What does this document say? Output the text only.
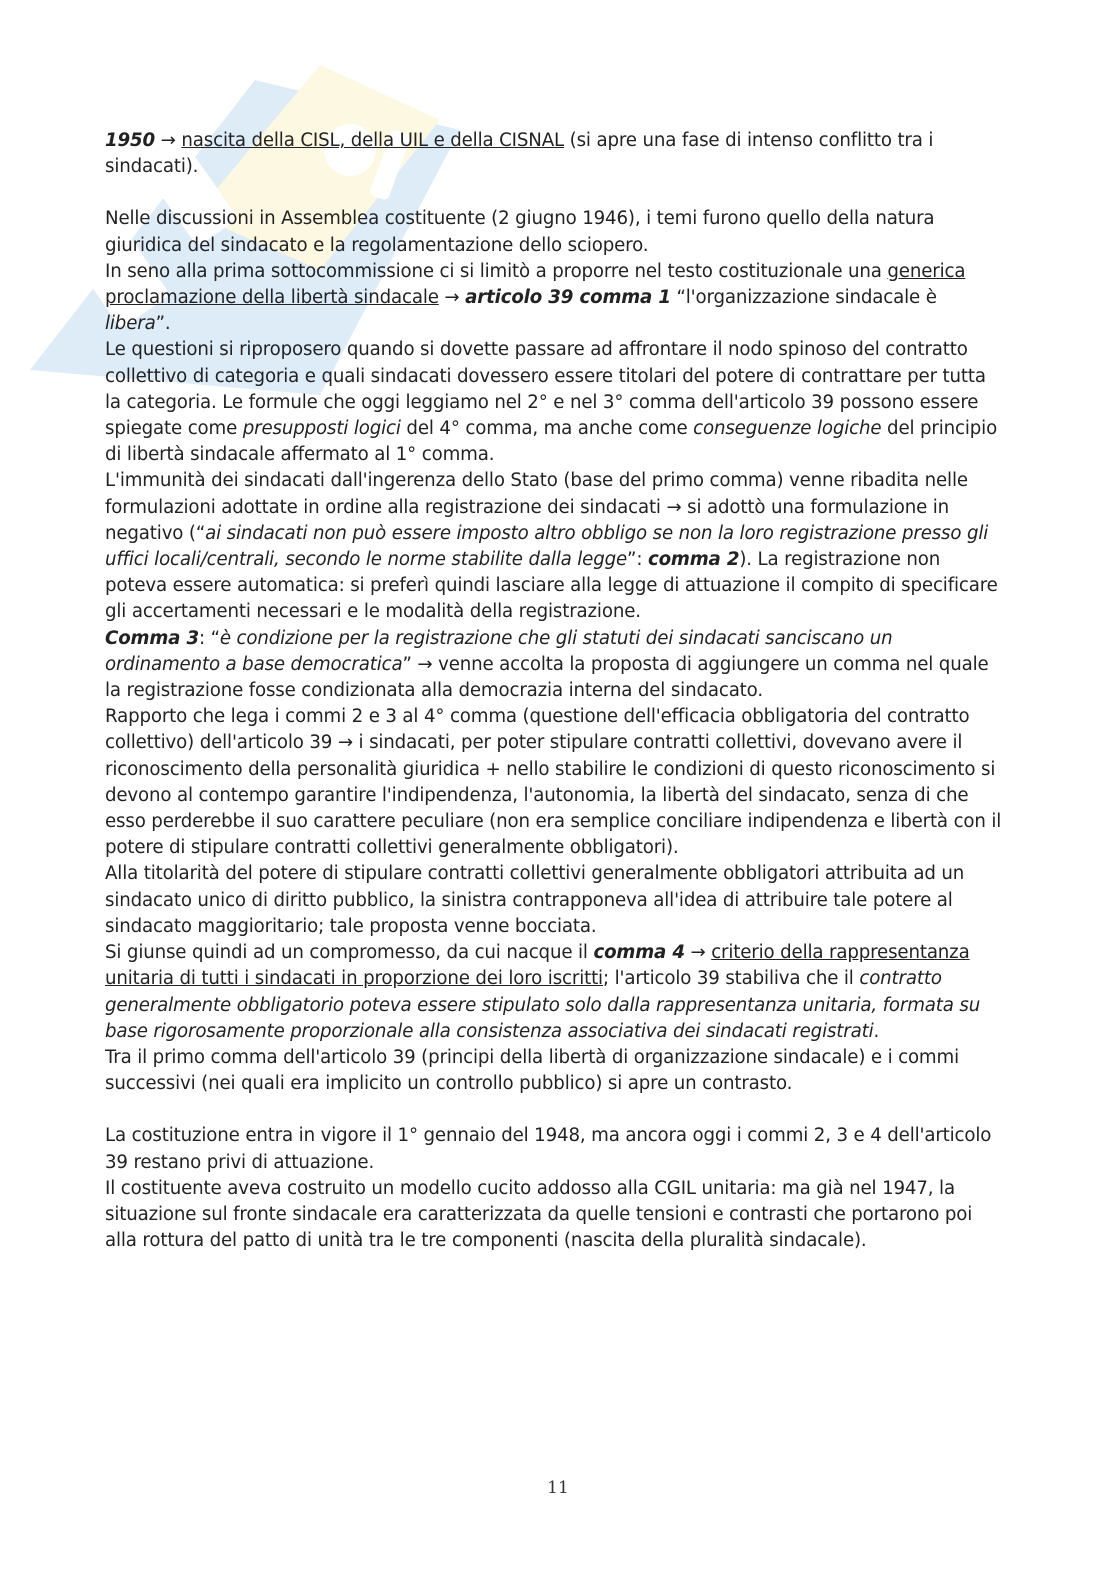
1950 → nascita della CISL, della UIL e della CISNAL (si apre una fase di intenso conflitto tra i sindacati).

Nelle discussioni in Assemblea costituente (2 giugno 1946), i temi furono quello della natura giuridica del sindacato e la regolamentazione dello sciopero.

In seno alla prima sottocommissione ci si limitò a proporre nel testo costituzionale una generica proclamazione della libertà sindacale → articolo 39 comma 1 “l'organizzazione sindacale è libera”.

Le questioni si riproposero quando si dovette passare ad affrontare il nodo spinoso del contratto collettivo di categoria e quali sindacati dovessero essere titolari del potere di contrattare per tutta la categoria. Le formule che oggi leggiamo nel 2° e nel 3° comma dell'articolo 39 possono essere spiegate come presupposti logici del 4° comma, ma anche come conseguenze logiche del principio di libertà sindacale affermato al 1° comma.

L'immunità dei sindacati dall'ingerenza dello Stato (base del primo comma) venne ribadita nelle formulazioni adottate in ordine alla registrazione dei sindacati → si adottò una formulazione in negativo (“ai sindacati non può essere imposto altro obbligo se non la loro registrazione presso gli uffici locali/centrali, secondo le norme stabilite dalla legge”: comma 2). La registrazione non poteva essere automatica: si preferì quindi lasciare alla legge di attuazione il compito di specificare gli accertamenti necessari e le modalità della registrazione.

Comma 3: “è condizione per la registrazione che gli statuti dei sindacati sanciscano un ordinamento a base democratica” → venne accolta la proposta di aggiungere un comma nel quale la registrazione fosse condizionata alla democrazia interna del sindacato.

Rapporto che lega i commi 2 e 3 al 4° comma (questione dell'efficacia obbligatoria del contratto collettivo) dell'articolo 39 → i sindacati, per poter stipulare contratti collettivi, dovevano avere il riconoscimento della personalità giuridica + nello stabilire le condizioni di questo riconoscimento si devono al contempo garantire l'indipendenza, l'autonomia, la libertà del sindacato, senza di che esso perderebbe il suo carattere peculiare (non era semplice conciliare indipendenza e libertà con il potere di stipulare contratti collettivi generalmente obbligatori).

Alla titolarità del potere di stipulare contratti collettivi generalmente obbligatori attribuita ad un sindacato unico di diritto pubblico, la sinistra contrapponeva all'idea di attribuire tale potere al sindacato maggioritario; tale proposta venne bocciata.

Si giunse quindi ad un compromesso, da cui nacque il comma 4 → criterio della rappresentanza unitaria di tutti i sindacati in proporzione dei loro iscritti; l'articolo 39 stabiliva che il contratto generalmente obbligatorio poteva essere stipulato solo dalla rappresentanza unitaria, formata su base rigorosamente proporzionale alla consistenza associativa dei sindacati registrati.

Tra il primo comma dell'articolo 39 (principi della libertà di organizzazione sindacale) e i commi successivi (nei quali era implicito un controllo pubblico) si apre un contrasto.

La costituzione entra in vigore il 1° gennaio del 1948, ma ancora oggi i commi 2, 3 e 4 dell'articolo 39 restano privi di attuazione.

Il costituente aveva costruito un modello cucito addosso alla CGIL unitaria: ma già nel 1947, la situazione sul fronte sindacale era caratterizzata da quelle tensioni e contrasti che portarono poi alla rottura del patto di unità tra le tre componenti (nascita della pluralità sindacale).

11
